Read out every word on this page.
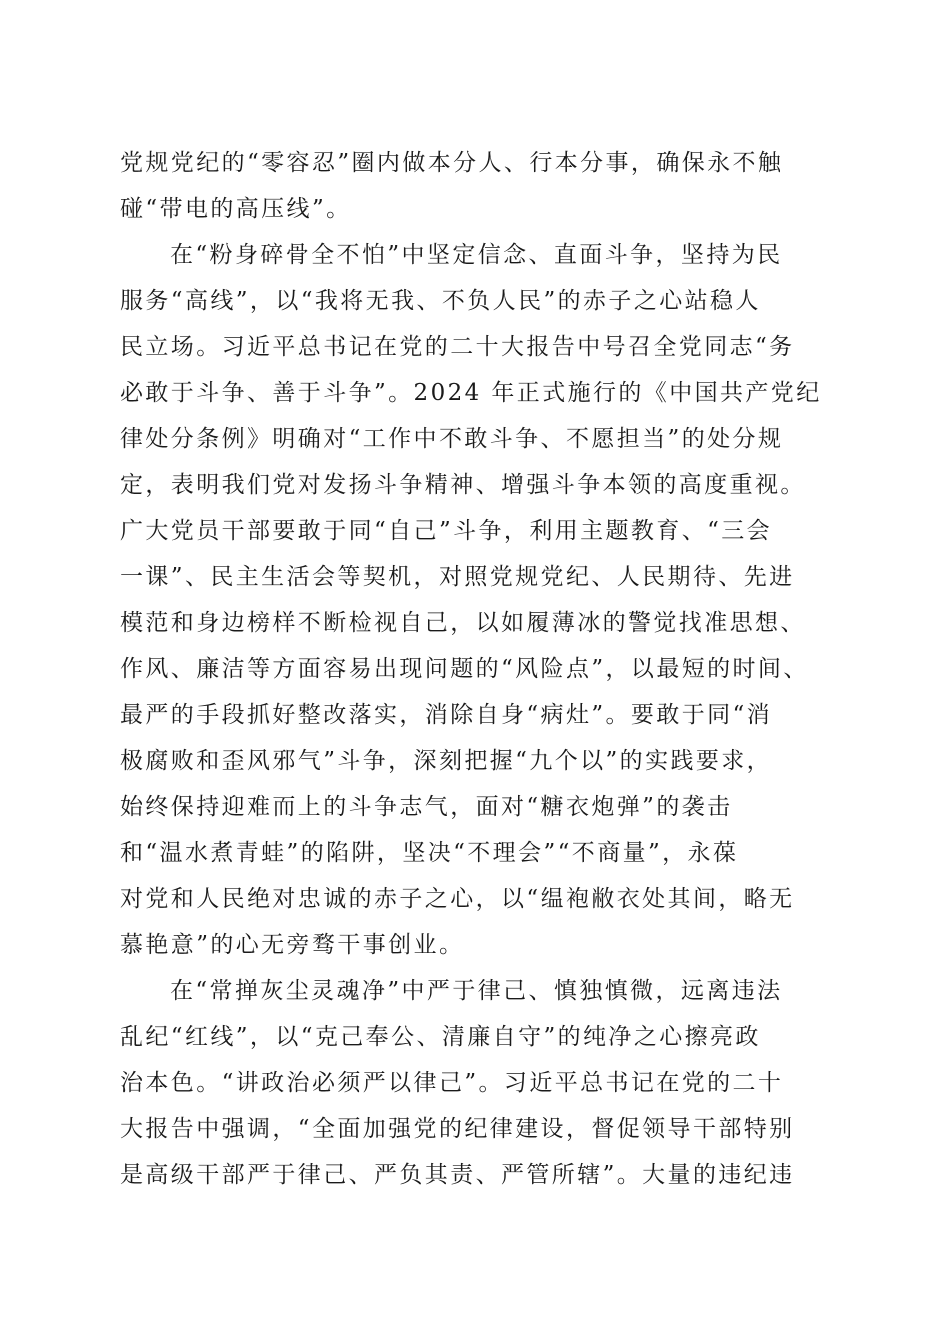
党规党纪的“零容忍”圈内做本分人、行本分事，确保永不触
碰“带电的高压线”。
在“粉身碎骨全不怕”中坚定信念、直面斗争，坚持为民
服务“高线”，以“我将无我、不负人民”的赤子之心站稳人
民立场。习近平总书记在党的二十大报告中号召全党同志“务
必敢于斗争、善于斗争”。2024 年正式施行的《中国共产党纪
律处分条例》明确对“工作中不敢斗争、不愿担当”的处分规
定，表明我们党对发扬斗争精神、增强斗争本领的高度重视。
广大党员干部要敢于同“自己”斗争，利用主题教育、“三会
一课”、民主生活会等契机，对照党规党纪、人民期待、先进
模范和身边榜样不断检视自己，以如履薄冰的警觉找准思想、
作风、廉洁等方面容易出现问题的“风险点”，以最短的时间、
最严的手段抓好整改落实，消除自身“病灶”。要敢于同“消
极腐败和歪风邪气”斗争，深刻把握“九个以”的实践要求，
始终保持迎难而上的斗争志气，面对“糖衣炮弹”的袭击
和“温水煮青蛙”的陷阱，坚决“不理会”“不商量”，永葆
对党和人民绝对忠诚的赤子之心，以“缊袍敝衣处其间，略无
慕艳意”的心无旁骛干事创业。
在“常掸灰尘灵魂净”中严于律己、慎独慎微，远离违法
乱纪“红线”，以“克己奉公、清廉自守”的纯净之心擦亮政
治本色。“讲政治必须严以律己”。习近平总书记在党的二十
大报告中强调，“全面加强党的纪律建设，督促领导干部特别
是高级干部严于律己、严负其责、严管所辖”。大量的违纪违
